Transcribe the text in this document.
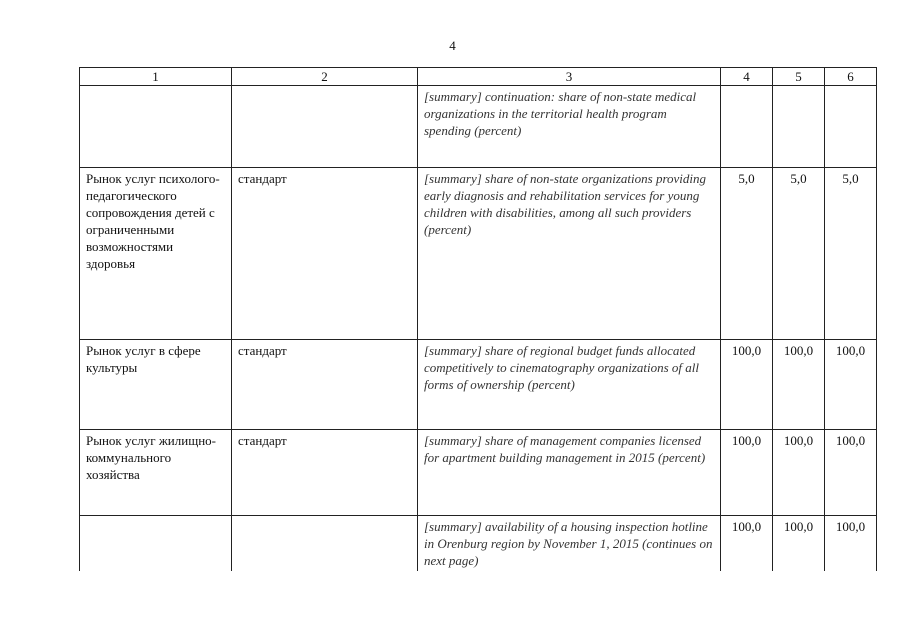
4
1	2	3	4	5	6
		[summary] continuation: share of non-state medical organizations in the territorial health program spending (percent)			
Рынок услуг психолого-педагогического сопровождения детей с ограниченными возможностями здоровья	стандарт	[summary] share of non-state organizations providing early diagnosis and rehabilitation services for young children with disabilities, among all such providers (percent)	5,0	5,0	5,0
Рынок услуг в сфере культуры	стандарт	[summary] share of regional budget funds allocated competitively to cinematography organizations of all forms of ownership (percent)	100,0	100,0	100,0
Рынок услуг жилищно-коммунального хозяйства	стандарт	[summary] share of management companies licensed for apartment building management in 2015 (percent)	100,0	100,0	100,0
		[summary] availability of a housing inspection hotline in Orenburg region by November 1, 2015 (continues on next page)	100,0	100,0	100,0
